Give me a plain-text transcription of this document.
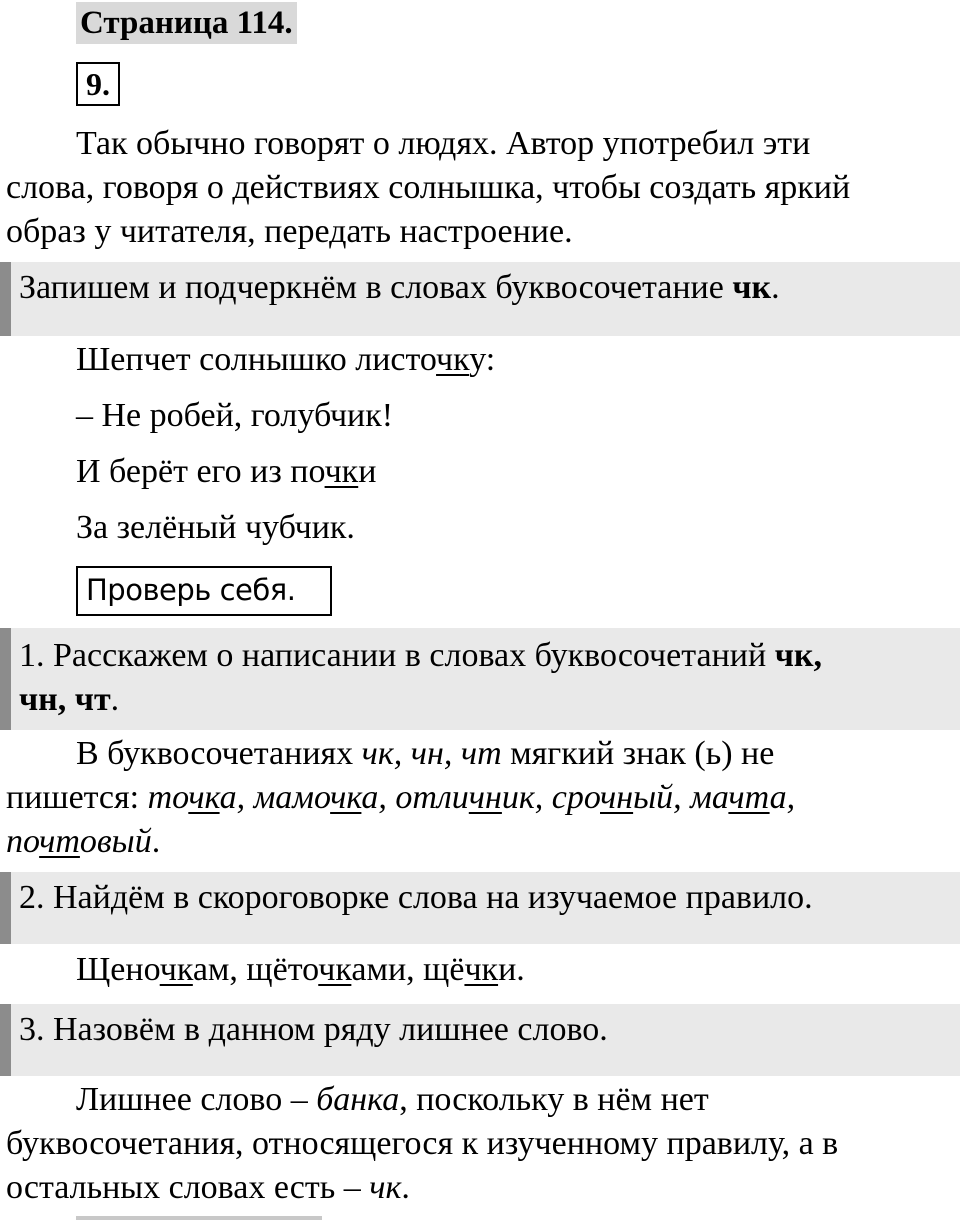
Страница 114.
9.
Так обычно говорят о людях. Автор употребил эти
слова, говоря о действиях солнышка, чтобы создать яркий
образ у читателя, передать настроение.
Запишем и подчеркнём в словах буквосочетание чк.
Шепчет солнышко листочку:
– Не робей, голубчик!
И берёт его из почки
За зелёный чубчик.
Проверь себя.
1. Расскажем о написании в словах буквосочетаний чк,
чн, чт.
В буквосочетаниях чк, чн, чт мягкий знак (ь) не
пишется: точка, мамочка, отличник, срочный, мачта,
почтовый.
2. Найдём в скороговорке слова на изучаемое правило.
Щеночкам, щёточками, щёчки.
3. Назовём в данном ряду лишнее слово.
Лишнее слово – банка, поскольку в нём нет
буквосочетания, относящегося к изученному правилу, а в
остальных словах есть – чк.
